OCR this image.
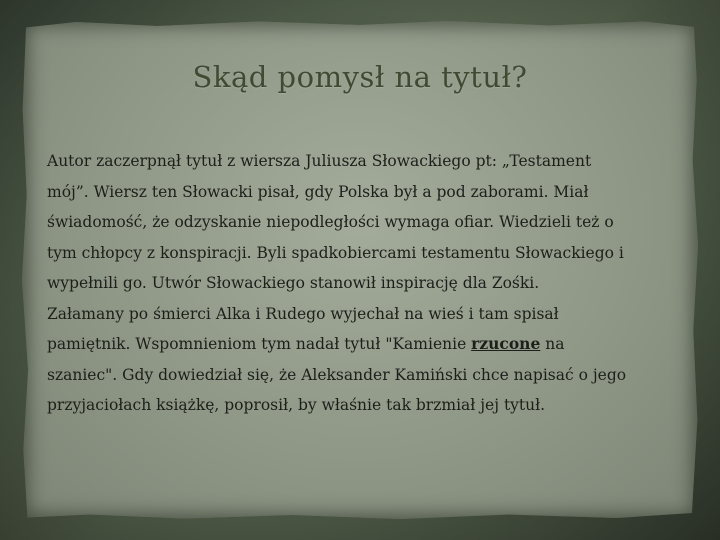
Skąd pomysł na tytuł?
Autor zaczerpnął tytuł z wiersza Juliusza Słowackiego pt: „Testament
mój”. Wiersz ten Słowacki pisał, gdy Polska był a pod zaborami. Miał
świadomość, że odzyskanie niepodległości wymaga ofiar. Wiedzieli też o
tym chłopcy z konspiracji. Byli spadkobiercami testamentu Słowackiego i
wypełnili go. Utwór Słowackiego stanowił inspirację dla Zośki.
Załamany po śmierci Alka i Rudego wyjechał na wieś i tam spisał
pamiętnik. Wspomnieniom tym nadał tytuł "Kamienie rzucone na
szaniec". Gdy dowiedział się, że Aleksander Kamiński chce napisać o jego
przyjaciołach książkę, poprosił, by właśnie tak brzmiał jej tytuł.
